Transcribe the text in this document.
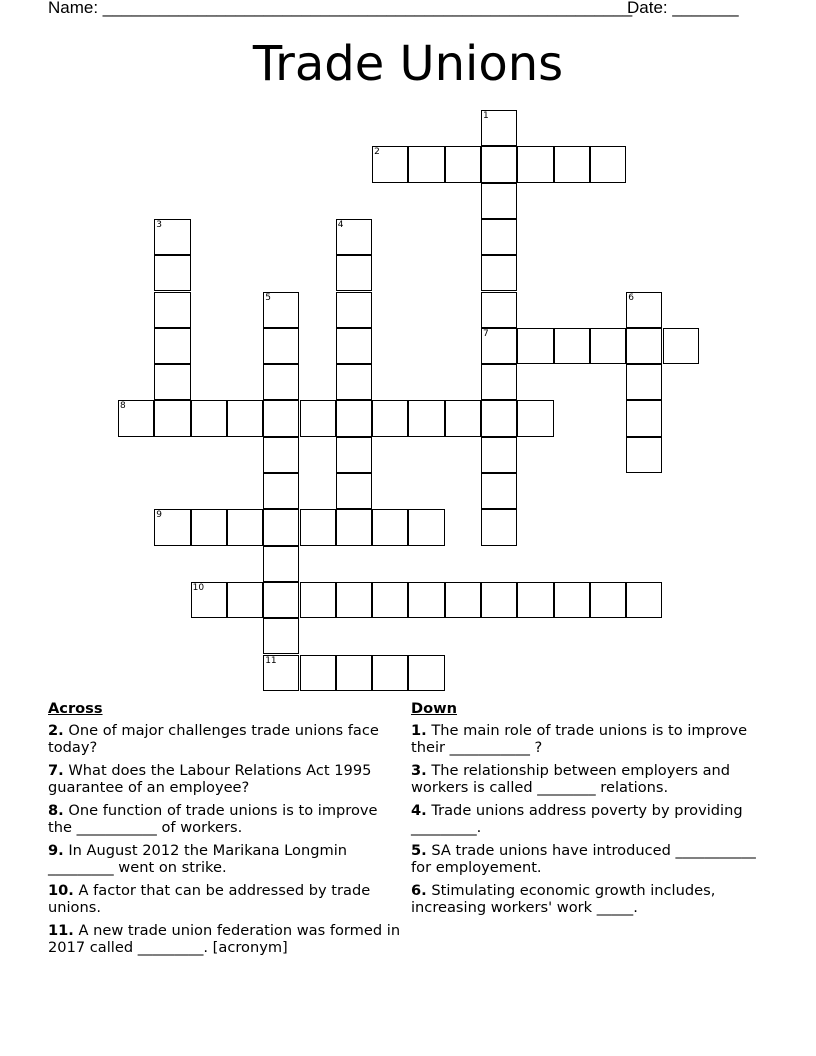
Name: ________________________________________________________
Date: _______
Trade Unions
1
7
2
3	4
5
11
6
8
9
10
Across
2. One of major challenges trade unions face today?
7. What does the Labour Relations Act 1995 guarantee of an employee?
8. One function of trade unions is to improve the ___________ of workers.
9. In August 2012 the Marikana Longmin _________ went on strike.
10. A factor that can be addressed by trade unions.
11. A new trade union federation was formed in 2017 called _________. [acronym]
Down
1. The main role of trade unions is to improve their ___________ ?
3. The relationship between employers and workers is called ________ relations.
4. Trade unions address poverty by providing _________.
5. SA trade unions have introduced ___________ for employement.
6. Stimulating economic growth includes, increasing workers' work _____.
